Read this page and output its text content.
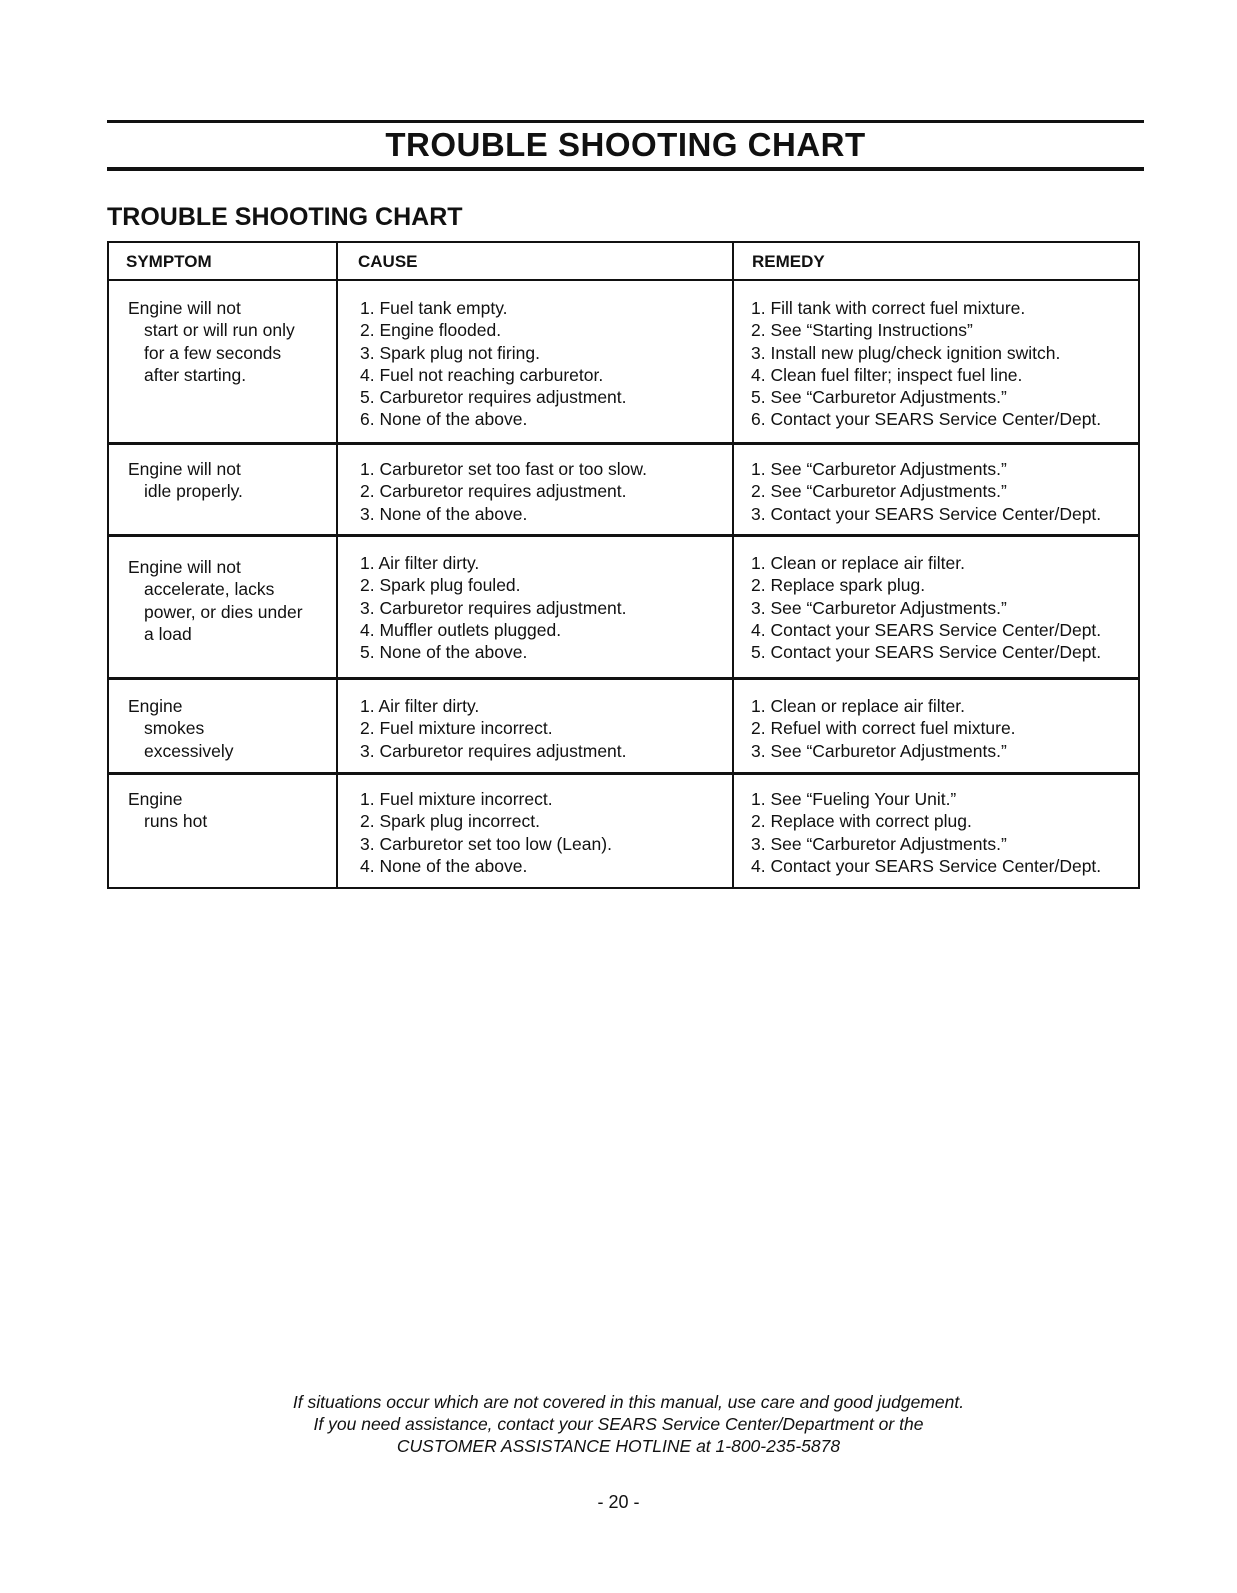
TROUBLE SHOOTING CHART
TROUBLE SHOOTING CHART
SYMPTOM	CAUSE	REMEDY
Engine will not
start or will run only
for a few seconds
after starting.
1. Fuel tank empty.
2. Engine flooded.
3. Spark plug not firing.
4. Fuel not reaching carburetor.
5. Carburetor requires adjustment.
6. None of the above.
1. Fill tank with correct fuel mixture.
2. See “Starting Instructions”
3. Install new plug/check ignition switch.
4. Clean fuel filter; inspect fuel line.
5. See “Carburetor Adjustments.”
6. Contact your SEARS Service Center/Dept.
Engine will not
idle properly.
1. Carburetor set too fast or too slow.
2. Carburetor requires adjustment.
3. None of the above.
1. See “Carburetor Adjustments.”
2. See “Carburetor Adjustments.”
3. Contact your SEARS Service Center/Dept.
Engine will not
accelerate, lacks
power, or dies under
a load
1. Air filter dirty.
2. Spark plug fouled.
3. Carburetor requires adjustment.
4. Muffler outlets plugged.
5. None of the above.
1. Clean or replace air filter.
2. Replace spark plug.
3. See “Carburetor Adjustments.”
4. Contact your SEARS Service Center/Dept.
5. Contact your SEARS Service Center/Dept.
Engine
smokes
excessively
1. Air filter dirty.
2. Fuel mixture incorrect.
3. Carburetor requires adjustment.
1. Clean or replace air filter.
2. Refuel with correct fuel mixture.
3. See “Carburetor Adjustments.”
Engine
runs hot
1. Fuel mixture incorrect.
2. Spark plug incorrect.
3. Carburetor set too low (Lean).
4. None of the above.
1. See “Fueling Your Unit.”
2. Replace with correct plug.
3. See “Carburetor Adjustments.”
4. Contact your SEARS Service Center/Dept.
If situations occur which are not covered in this manual, use care and good judgement.
If you need assistance, contact your SEARS Service Center/Department or the
CUSTOMER ASSISTANCE HOTLINE at 1-800-235-5878
- 20 -
